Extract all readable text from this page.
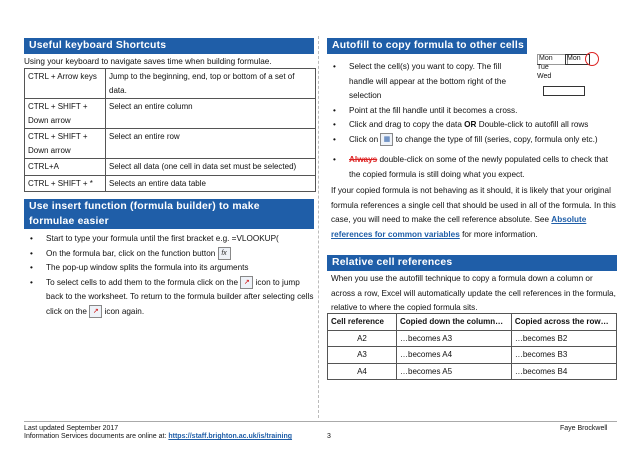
Useful keyboard Shortcuts
Using your keyboard to navigate saves time when building formulae.
CTRL + Arrow keys	Jump to the beginning, end, top or bottom of a set of data.
CTRL + SHIFT + Down arrow	Select an entire column
CTRL + SHIFT + Down arrow	Select an entire row
CTRL+A	Select all data (one cell in data set must be selected)
CTRL + SHIFT + *	Selects an entire data table
Use insert function (formula builder) to make
formulae easier
• Start to type your formula until the first bracket e.g. =VLOOKUP(
• On the formula bar, click on the function button fx
• The pop-up window splits the formula into its arguments
• To select cells to add them to the formula click on the ↗ icon to jump back to the worksheet. To return to the formula builder after selecting cells click on the ↗ icon again.
Autofill to copy formula to other cells
Mon
Tue
Wed
Mon
• Select the cell(s) you want to copy. The fill handle will appear at the bottom right of the selection
• Point at the fill handle until it becomes a cross.
• Click and drag to copy the data OR Double-click to autofill all rows
• Click on ▦ to change the type of fill (series, copy, formula only etc.)
• Always double-click on some of the newly populated cells to check that the copied formula is still doing what you expect.
If your copied formula is not behaving as it should, it is likely that your original formula references a single cell that should be used in all of the formula. In this case, you will need to make the cell reference absolute. See Absolute references for common variables for more information.
Relative cell references
When you use the autofill technique to copy a formula down a column or across a row, Excel will automatically update the cell references in the formula, relative to where the copied formula sits.
Cell reference	Copied down the column…	Copied across the row…
A2	…becomes A3	…becomes B2
A3	…becomes A4	…becomes B3
A4	…becomes A5	…becomes B4
Last updated September 2017
Information Services documents are online at: https://staff.brighton.ac.uk/is/training	3
Faye Brockwell
